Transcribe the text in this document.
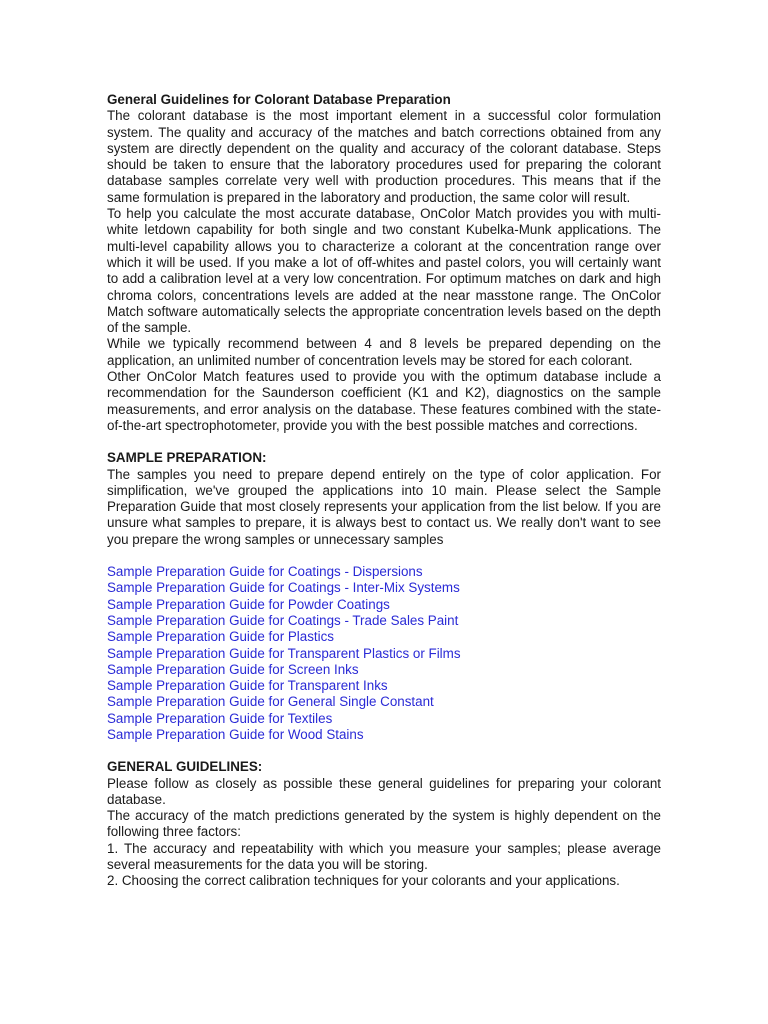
General Guidelines for Colorant Database Preparation

The colorant database is the most important element in a successful color formulation system. The quality and accuracy of the matches and batch corrections obtained from any system are directly dependent on the quality and accuracy of the colorant database. Steps should be taken to ensure that the laboratory procedures used for preparing the colorant database samples correlate very well with production procedures. This means that if the same formulation is prepared in the laboratory and production, the same color will result.

To help you calculate the most accurate database, OnColor Match provides you with multi-white letdown capability for both single and two constant Kubelka-Munk applications. The multi-level capability allows you to characterize a colorant at the concentration range over which it will be used. If you make a lot of off-whites and pastel colors, you will certainly want to add a calibration level at a very low concentration. For optimum matches on dark and high chroma colors, concentrations levels are added at the near masstone range. The OnColor Match software automatically selects the appropriate concentration levels based on the depth of the sample.

While we typically recommend between 4 and 8 levels be prepared depending on the application, an unlimited number of concentration levels may be stored for each colorant.

Other OnColor Match features used to provide you with the optimum database include a recommendation for the Saunderson coefficient (K1 and K2), diagnostics on the sample measurements, and error analysis on the database. These features combined with the state-of-the-art spectrophotometer, provide you with the best possible matches and corrections.

SAMPLE PREPARATION:

The samples you need to prepare depend entirely on the type of color application. For simplification, we've grouped the applications into 10 main. Please select the Sample Preparation Guide that most closely represents your application from the list below. If you are unsure what samples to prepare, it is always best to contact us. We really don't want to see you prepare the wrong samples or unnecessary samples

Sample Preparation Guide for Coatings - Dispersions
Sample Preparation Guide for Coatings - Inter-Mix Systems
Sample Preparation Guide for Powder Coatings
Sample Preparation Guide for Coatings - Trade Sales Paint
Sample Preparation Guide for Plastics
Sample Preparation Guide for Transparent Plastics or Films
Sample Preparation Guide for Screen Inks
Sample Preparation Guide for Transparent Inks
Sample Preparation Guide for General Single Constant
Sample Preparation Guide for Textiles
Sample Preparation Guide for Wood Stains

GENERAL GUIDELINES:

Please follow as closely as possible these general guidelines for preparing your colorant database.

The accuracy of the match predictions generated by the system is highly dependent on the following three factors:

1. The accuracy and repeatability with which you measure your samples; please average several measurements for the data you will be storing.

2. Choosing the correct calibration techniques for your colorants and your applications.
